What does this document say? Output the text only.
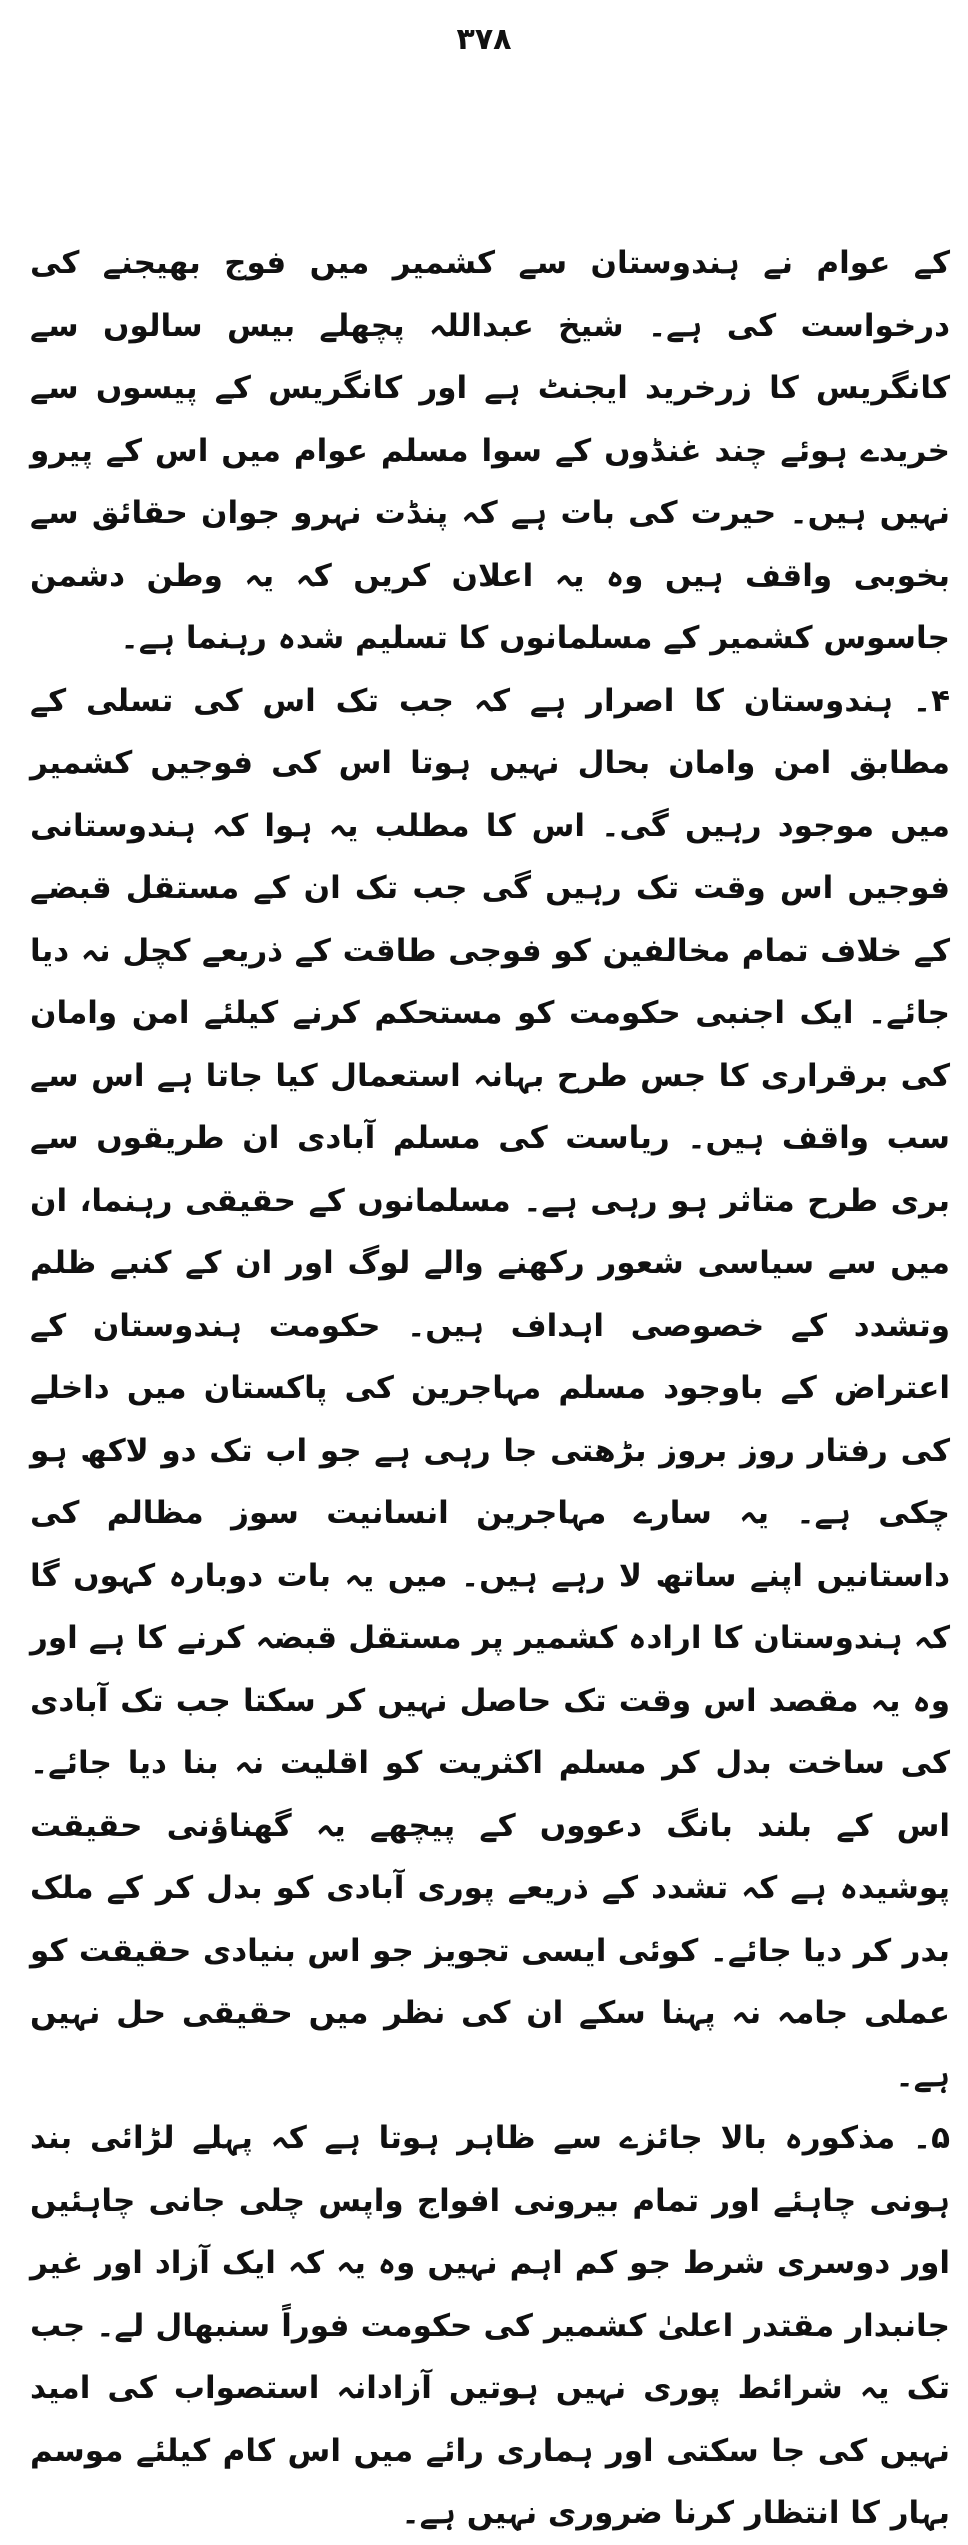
۳۷۸

کے عوام نے ہندوستان سے کشمیر میں فوج بھیجنے کی درخواست کی ہے۔ شیخ عبداللہ پچھلے بیس سالوں سے کانگریس کا زرخرید ایجنٹ ہے اور کانگریس کے پیسوں سے خریدے ہوئے چند غنڈوں کے سوا مسلم عوام میں اس کے پیرو نہیں ہیں۔ حیرت کی بات ہے کہ پنڈت نہرو جوان حقائق سے بخوبی واقف ہیں وہ یہ اعلان کریں کہ یہ وطن دشمن جاسوس کشمیر کے مسلمانوں کا تسلیم شدہ رہنما ہے۔

۴۔ ہندوستان کا اصرار ہے کہ جب تک اس کی تسلی کے مطابق امن وامان بحال نہیں ہوتا اس کی فوجیں کشمیر میں موجود رہیں گی۔ اس کا مطلب یہ ہوا کہ ہندوستانی فوجیں اس وقت تک رہیں گی جب تک ان کے مستقل قبضے کے خلاف تمام مخالفین کو فوجی طاقت کے ذریعے کچل نہ دیا جائے۔ ایک اجنبی حکومت کو مستحکم کرنے کیلئے امن وامان کی برقراری کا جس طرح بہانہ استعمال کیا جاتا ہے اس سے سب واقف ہیں۔ ریاست کی مسلم آبادی ان طریقوں سے بری طرح متاثر ہو رہی ہے۔ مسلمانوں کے حقیقی رہنما، ان میں سے سیاسی شعور رکھنے والے لوگ اور ان کے کنبے ظلم وتشدد کے خصوصی اہداف ہیں۔ حکومت ہندوستان کے اعتراض کے باوجود مسلم مہاجرین کی پاکستان میں داخلے کی رفتار روز بروز بڑھتی جا رہی ہے جو اب تک دو لاکھ ہو چکی ہے۔ یہ سارے مہاجرین انسانیت سوز مظالم کی داستانیں اپنے ساتھ لا رہے ہیں۔ میں یہ بات دوبارہ کہوں گا کہ ہندوستان کا ارادہ کشمیر پر مستقل قبضہ کرنے کا ہے اور وہ یہ مقصد اس وقت تک حاصل نہیں کر سکتا جب تک آبادی کی ساخت بدل کر مسلم اکثریت کو اقلیت نہ بنا دیا جائے۔ اس کے بلند بانگ دعووں کے پیچھے یہ گھناؤنی حقیقت پوشیدہ ہے کہ تشدد کے ذریعے پوری آبادی کو بدل کر کے ملک بدر کر دیا جائے۔ کوئی ایسی تجویز جو اس بنیادی حقیقت کو عملی جامہ نہ پہنا سکے ان کی نظر میں حقیقی حل نہیں ہے۔

۵۔ مذکورہ بالا جائزے سے ظاہر ہوتا ہے کہ پہلے لڑائی بند ہونی چاہئے اور تمام بیرونی افواج واپس چلی جانی چاہئیں اور دوسری شرط جو کم اہم نہیں وہ یہ کہ ایک آزاد اور غیر جانبدار مقتدر اعلیٰ کشمیر کی حکومت فوراً سنبھال لے۔ جب تک یہ شرائط پوری نہیں ہوتیں آزادانہ استصواب کی امید نہیں کی جا سکتی اور ہماری رائے میں اس کام کیلئے موسم بہار کا انتظار کرنا ضروری نہیں ہے۔
